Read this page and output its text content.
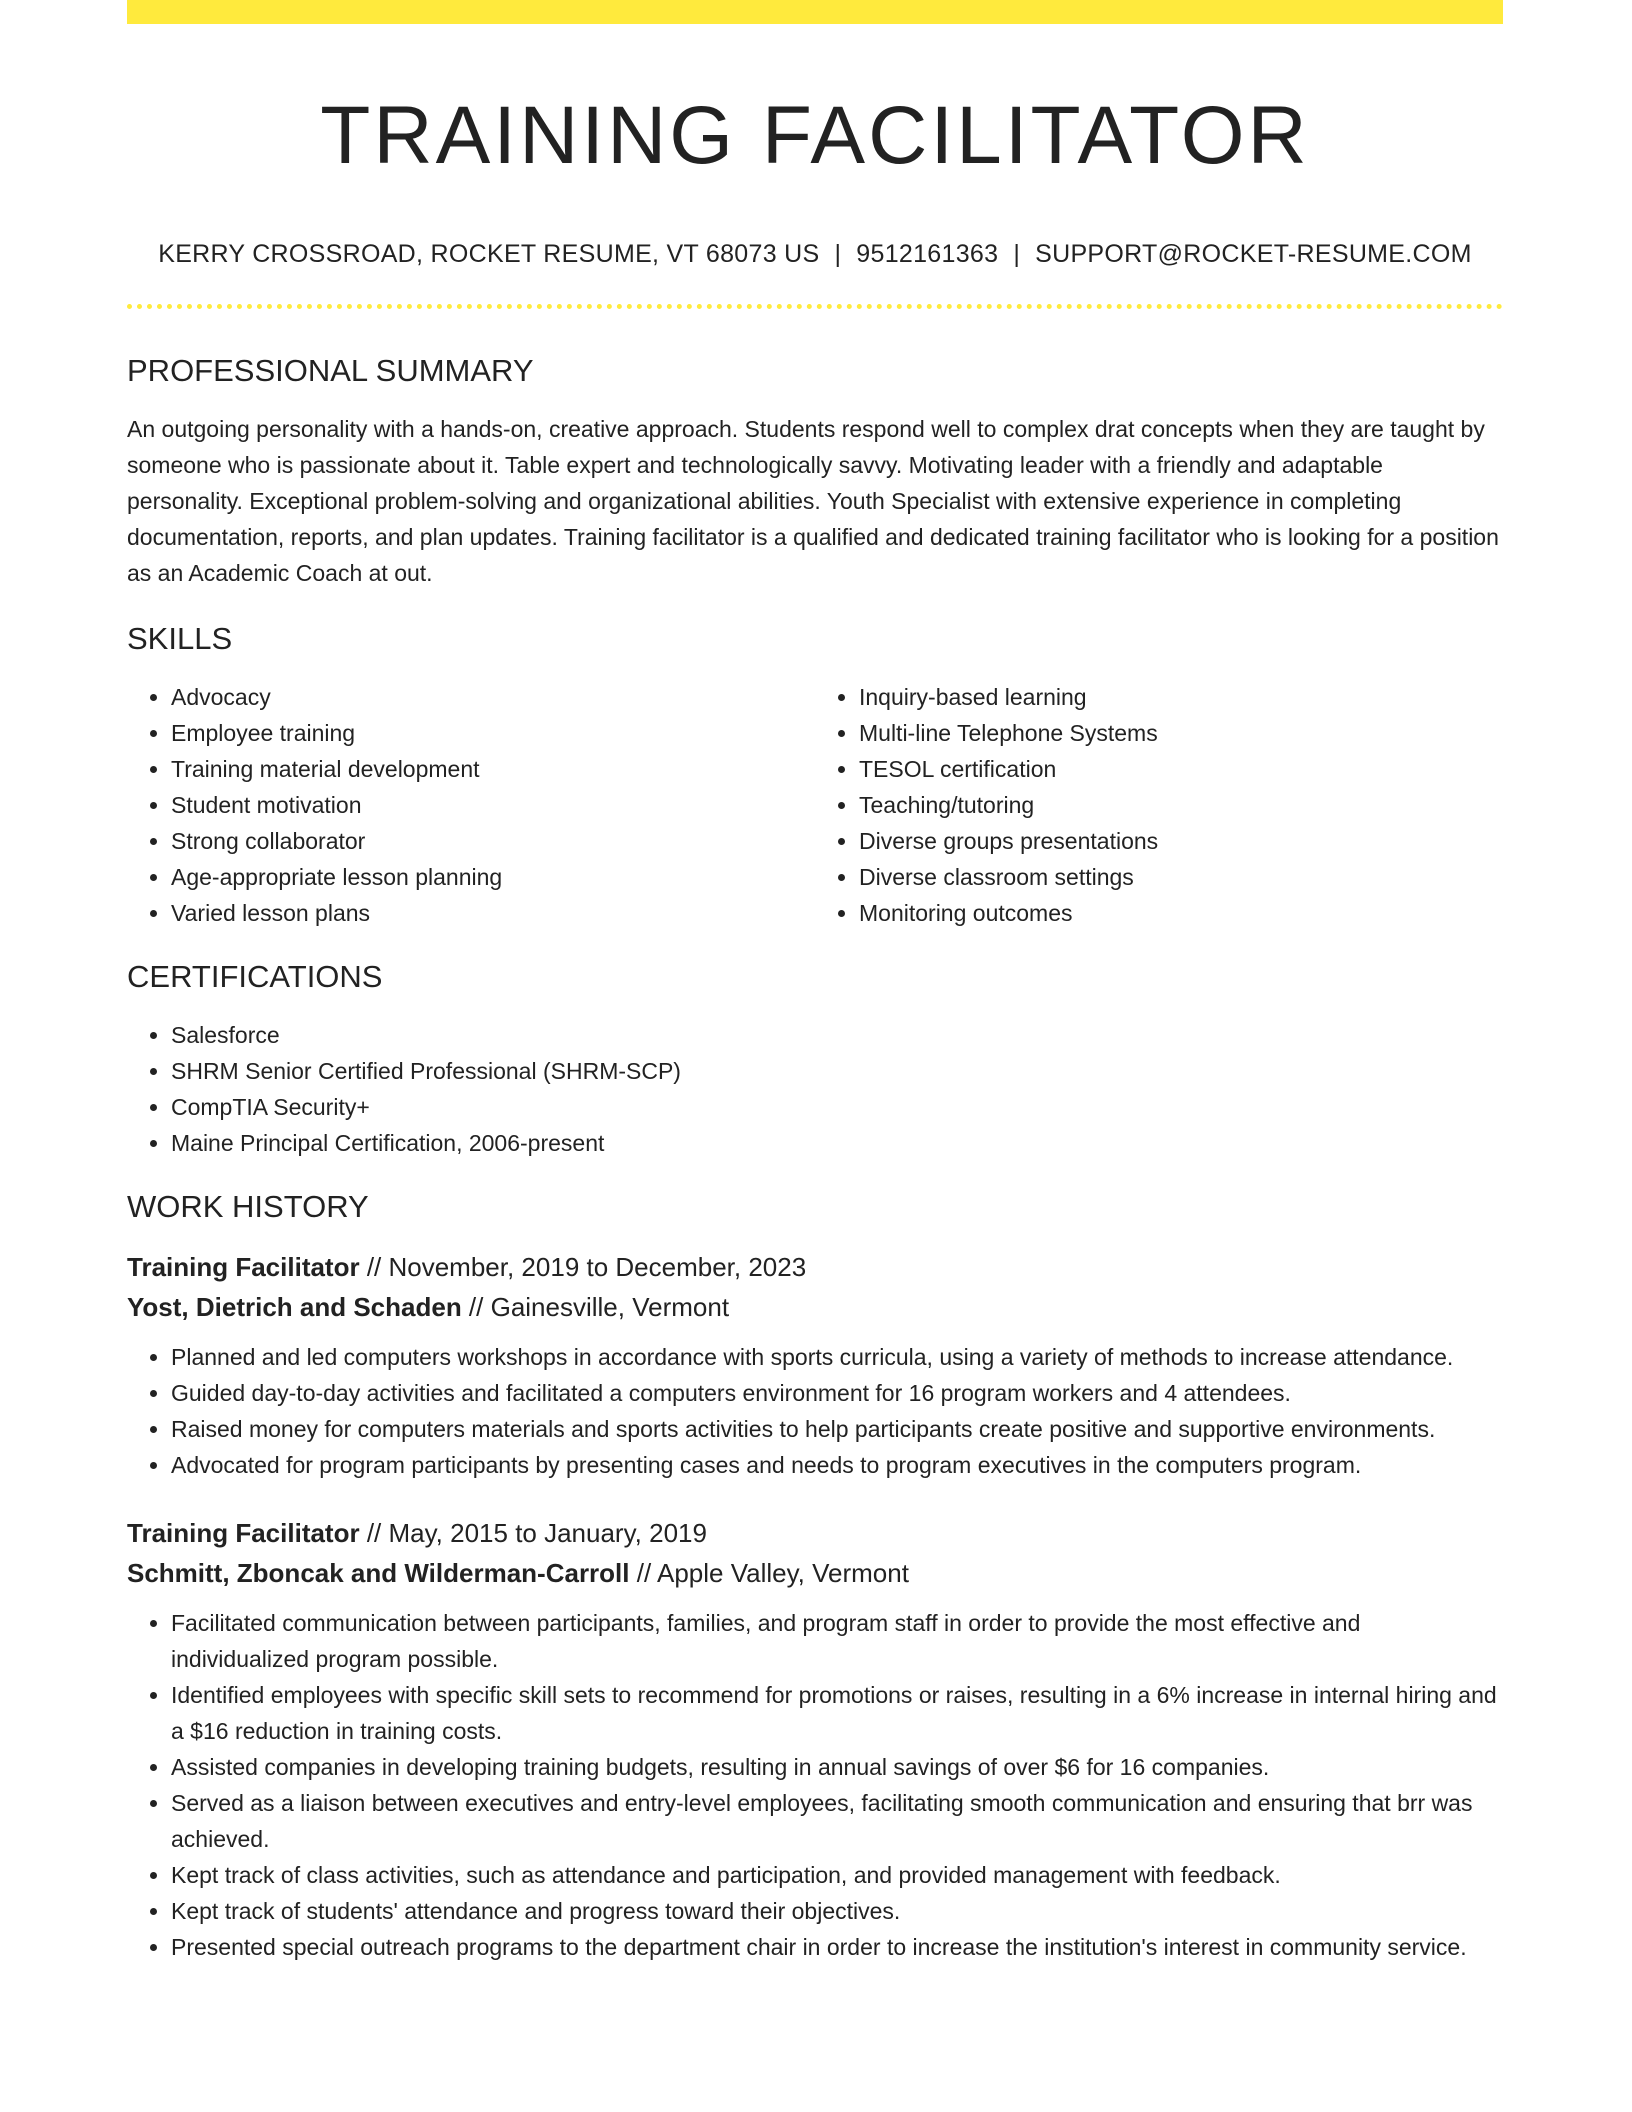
TRAINING FACILITATOR
KERRY CROSSROAD, ROCKET RESUME, VT 68073 US | 9512161363 | SUPPORT@ROCKET-RESUME.COM
PROFESSIONAL SUMMARY

An outgoing personality with a hands-on, creative approach. Students respond well to complex drat concepts when they are taught by someone who is passionate about it. Table expert and technologically savvy. Motivating leader with a friendly and adaptable personality. Exceptional problem-solving and organizational abilities. Youth Specialist with extensive experience in completing documentation, reports, and plan updates. Training facilitator is a qualified and dedicated training facilitator who is looking for a position as an Academic Coach at out.

SKILLS
• Advocacy
• Employee training
• Training material development
• Student motivation
• Strong collaborator
• Age-appropriate lesson planning
• Varied lesson plans
• Inquiry-based learning
• Multi-line Telephone Systems
• TESOL certification
• Teaching/tutoring
• Diverse groups presentations
• Diverse classroom settings
• Monitoring outcomes
CERTIFICATIONS
• Salesforce
• SHRM Senior Certified Professional (SHRM-SCP)
• CompTIA Security+
• Maine Principal Certification, 2006-present
WORK HISTORY
Training Facilitator // November, 2019 to December, 2023
Yost, Dietrich and Schaden // Gainesville, Vermont
• Planned and led computers workshops in accordance with sports curricula, using a variety of methods to increase attendance.
• Guided day-to-day activities and facilitated a computers environment for 16 program workers and 4 attendees.
• Raised money for computers materials and sports activities to help participants create positive and supportive environments.
• Advocated for program participants by presenting cases and needs to program executives in the computers program.
Training Facilitator // May, 2015 to January, 2019
Schmitt, Zboncak and Wilderman-Carroll // Apple Valley, Vermont
• Facilitated communication between participants, families, and program staff in order to provide the most effective and individualized program possible.
• Identified employees with specific skill sets to recommend for promotions or raises, resulting in a 6% increase in internal hiring and a $16 reduction in training costs.
• Assisted companies in developing training budgets, resulting in annual savings of over $6 for 16 companies.
• Served as a liaison between executives and entry-level employees, facilitating smooth communication and ensuring that brr was achieved.
• Kept track of class activities, such as attendance and participation, and provided management with feedback.
• Kept track of students' attendance and progress toward their objectives.
• Presented special outreach programs to the department chair in order to increase the institution's interest in community service.
